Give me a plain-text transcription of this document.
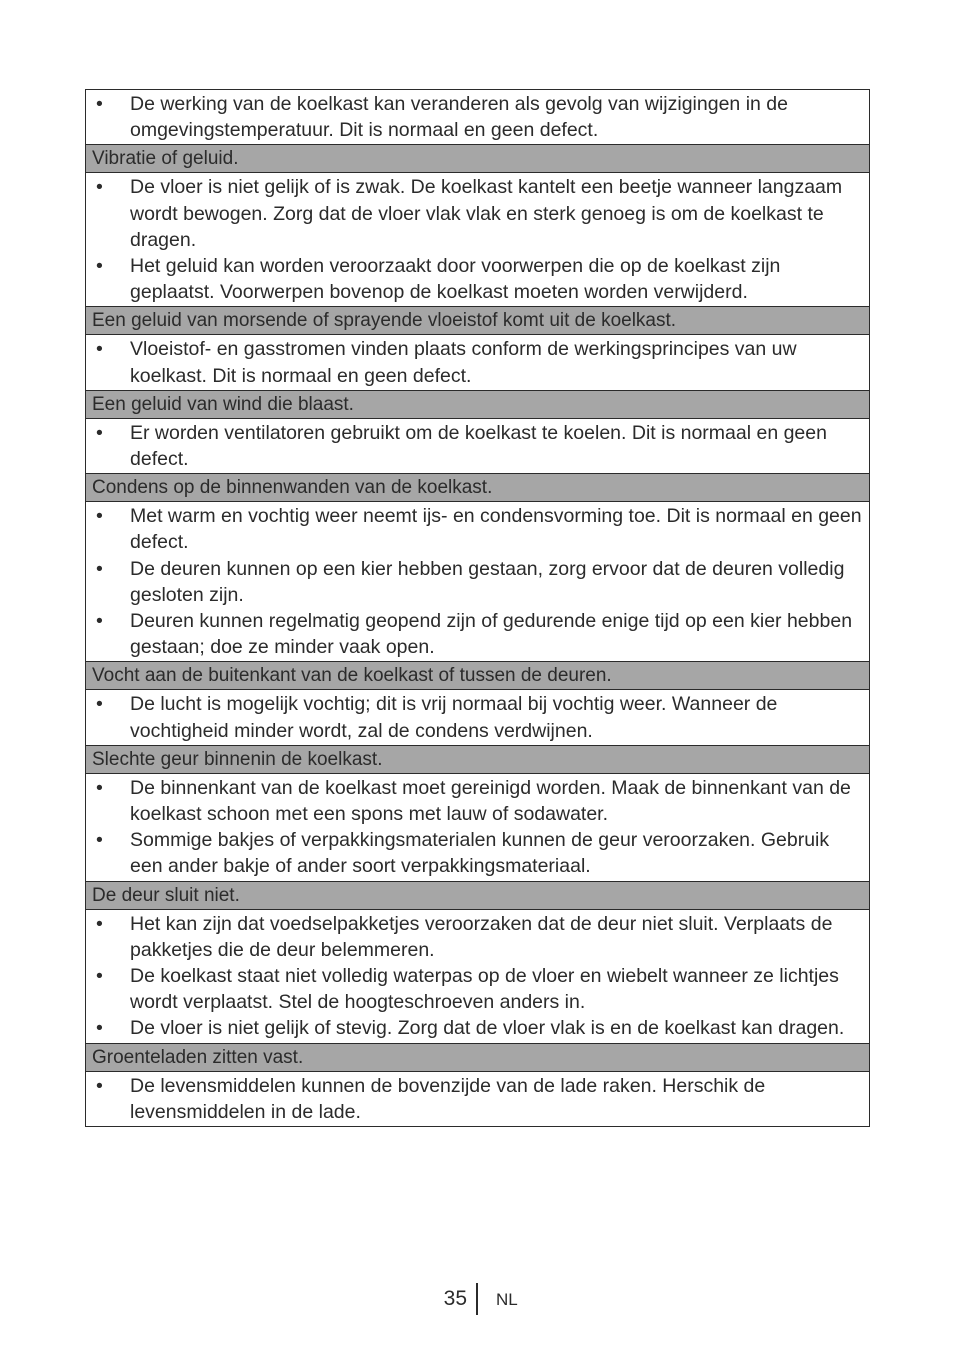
•	De werking van de koelkast kan veranderen als gevolg van wijzigingen in de omgevingstemperatuur. Dit is normaal en geen defect.
Vibratie of geluid.
•	De vloer is niet gelijk of is zwak. De koelkast kantelt een beetje wanneer langzaam wordt bewogen. Zorg dat de vloer vlak vlak en sterk genoeg is om de koelkast te dragen.
•	Het geluid kan worden veroorzaakt door voorwerpen die op de koelkast zijn geplaatst. Voorwerpen bovenop de koelkast moeten worden verwijderd.
Een geluid van morsende of sprayende vloeistof komt uit de koelkast.
•	Vloeistof- en gasstromen vinden plaats conform de werkingsprincipes van uw koelkast. Dit is normaal en geen defect.
Een geluid van wind die blaast.
•	Er worden ventilatoren gebruikt om de koelkast te koelen. Dit is normaal en geen defect.
Condens op de binnenwanden van de koelkast.
•	Met warm en vochtig weer neemt ijs- en condensvorming toe. Dit is normaal en geen defect.
•	De deuren kunnen op een kier hebben gestaan, zorg ervoor dat de deuren volledig gesloten zijn.
•	Deuren kunnen regelmatig geopend zijn of gedurende enige tijd op een kier hebben gestaan; doe ze minder vaak open.
Vocht aan de buitenkant van de koelkast of tussen de deuren.
•	De lucht is mogelijk vochtig; dit is vrij normaal bij vochtig weer. Wanneer de vochtigheid minder wordt, zal de condens verdwijnen.
Slechte geur binnenin de koelkast.
•	De binnenkant van de koelkast moet gereinigd worden. Maak de binnenkant van de koelkast schoon met een spons met lauw of sodawater.
•	Sommige bakjes of verpakkingsmaterialen kunnen de geur veroorzaken. Gebruik een ander bakje of ander soort verpakkingsmateriaal.
De deur sluit niet.
•	Het kan zijn dat voedselpakketjes veroorzaken dat de deur niet sluit. Verplaats de pakketjes die de deur belemmeren.
•	De koelkast staat niet volledig waterpas op de vloer en wiebelt wanneer ze lichtjes wordt verplaatst. Stel de hoogteschroeven anders in.
•	De vloer is niet gelijk of stevig. Zorg dat de vloer vlak is en de koelkast kan dragen.
Groenteladen zitten vast.
•	De levensmiddelen kunnen de bovenzijde van de lade raken. Herschik de levensmiddelen in de lade.
35 NL
